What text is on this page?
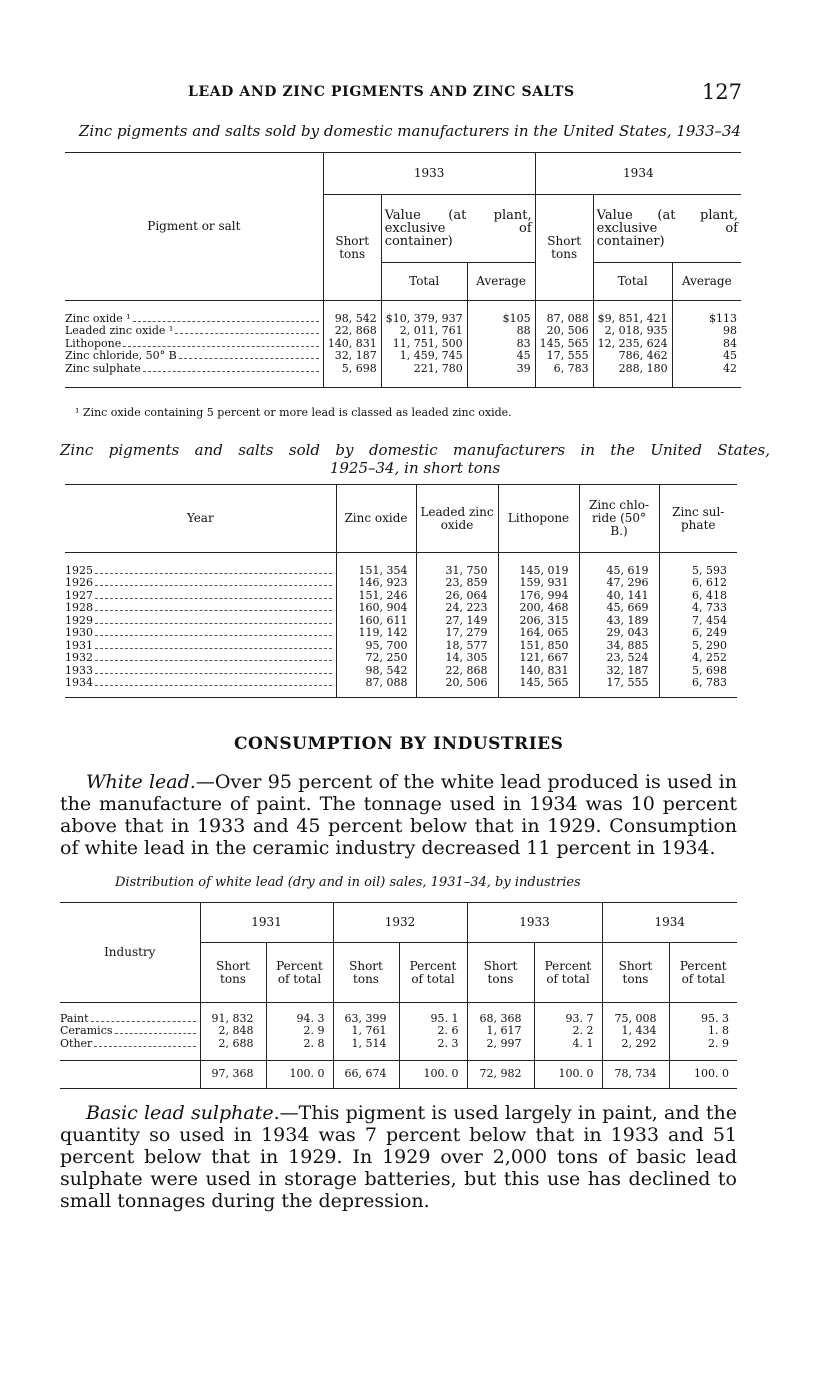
LEAD AND ZINC PIGMENTS AND ZINC SALTS	127
Zinc pigments and salts sold by domestic manufacturers in the United States, 1933–34
Pigment or salt	1933			1934		
	Short tons	Value (at plant, exclusive of container)		Short tons	Value (at plant, exclusive of container)	
		Total	Average		Total	Average

Zinc oxide ¹	98, 542	$10, 379, 937	$105	87, 088	$9, 851, 421	$113

Leaded zinc oxide ¹	22, 868	2, 011, 761	88	20, 506	2, 018, 935	98

Lithopone	140, 831	11, 751, 500	83	145, 565	12, 235, 624	84

Zinc chloride, 50° B	32, 187	1, 459, 745	45	17, 555	786, 462	45

Zinc sulphate	5, 698	221, 780	39	6, 783	288, 180	42

¹ Zinc oxide containing 5 percent or more lead is classed as leaded zinc oxide.
Zinc pigments and salts sold by domestic manufacturers in the United States,
1925–34, in short tons
Year	Zinc oxide	Leaded zinc oxide	Lithopone	Zinc chloride (50° B.)	Zinc sulphate

1925	151, 354	31, 750	145, 019	45, 619	5, 593

1926	146, 923	23, 859	159, 931	47, 296	6, 612

1927	151, 246	26, 064	176, 994	40, 141	6, 418

1928	160, 904	24, 223	200, 468	45, 669	4, 733

1929	160, 611	27, 149	206, 315	43, 189	7, 454

1930	119, 142	17, 279	164, 065	29, 043	6, 249

1931	95, 700	18, 577	151, 850	34, 885	5, 290

1932	72, 250	14, 305	121, 667	23, 524	4, 252

1933	98, 542	22, 868	140, 831	32, 187	5, 698

1934	87, 088	20, 506	145, 565	17, 555	6, 783

CONSUMPTION BY INDUSTRIES
White lead.—Over 95 percent of the white lead produced is used in the manufacture of paint. The tonnage used in 1934 was 10 percent above that in 1933 and 45 percent below that in 1929. Consumption of white lead in the ceramic industry decreased 11 percent in 1934.
Distribution of white lead (dry and in oil) sales, 1931–34, by industries
Industry	1931		1932		1933		1934	
	Short tons	Percent of total	Short tons	Percent of total	Short tons	Percent of total	Short tons	Percent of total

Paint	91, 832	94. 3	63, 399	95. 1	68, 368	93. 7	75, 008	95. 3

Ceramics	2, 848	2. 9	1, 761	2. 6	1, 617	2. 2	1, 434	1. 8

Other	2, 688	2. 8	1, 514	2. 3	2, 997	4. 1	2, 292	2. 9

	97, 368	100. 0	66, 674	100. 0	72, 982	100. 0	78, 734	100. 0
Basic lead sulphate.—This pigment is used largely in paint, and the quantity so used in 1934 was 7 percent below that in 1933 and 51 percent below that in 1929. In 1929 over 2,000 tons of basic lead sulphate were used in storage batteries, but this use has declined to small tonnages during the depression.
